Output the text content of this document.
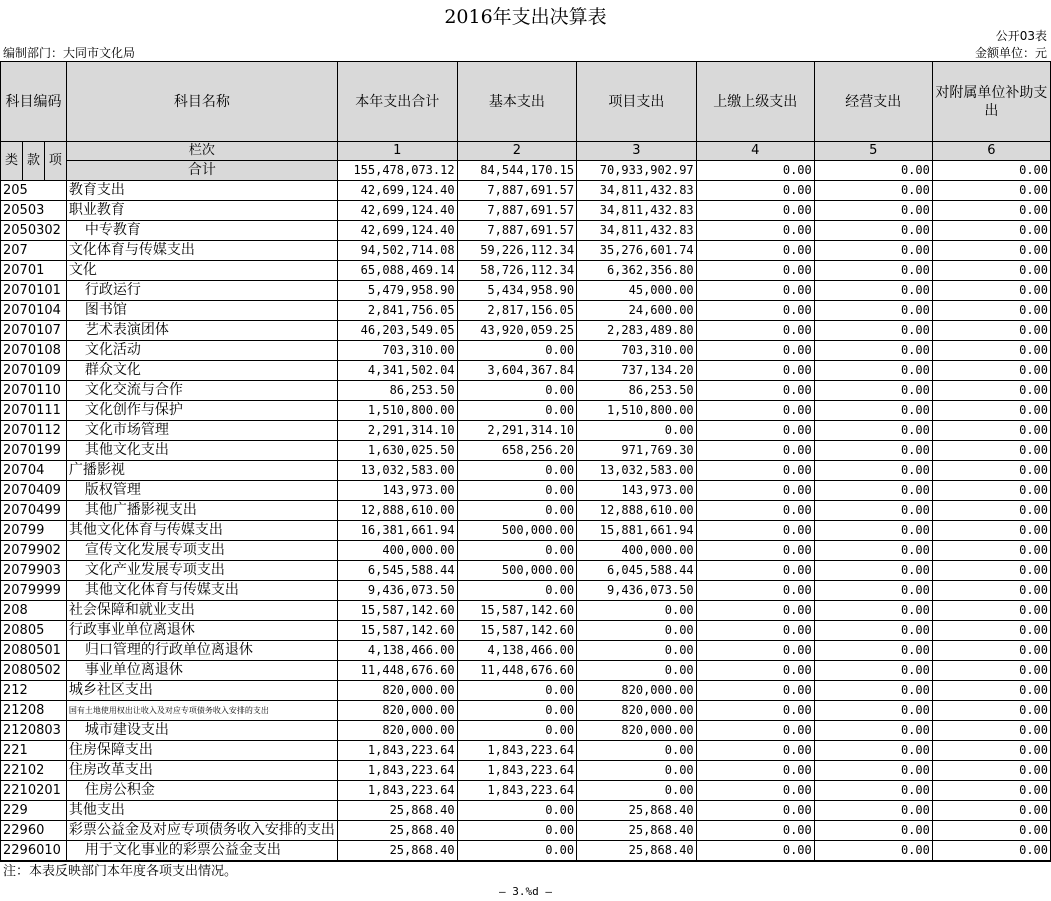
2016年支出决算表
公开03表
编制部门：大同市文化局	金额单位：元
科目编码			科目名称	本年支出合计	基本支出	项目支出	上缴上级支出	经营支出	对附属单位补助支出
类	款	项	栏次	1	2	3	4	5	6
			合计	155,478,073.12	84,544,170.15	70,933,902.97	0.00	0.00	0.00
205			教育支出	42,699,124.40	7,887,691.57	34,811,432.83	0.00	0.00	0.00
20503			职业教育	42,699,124.40	7,887,691.57	34,811,432.83	0.00	0.00	0.00
2050302			中专教育	42,699,124.40	7,887,691.57	34,811,432.83	0.00	0.00	0.00
207			文化体育与传媒支出	94,502,714.08	59,226,112.34	35,276,601.74	0.00	0.00	0.00
20701			文化	65,088,469.14	58,726,112.34	6,362,356.80	0.00	0.00	0.00
2070101			行政运行	5,479,958.90	5,434,958.90	45,000.00	0.00	0.00	0.00
2070104			图书馆	2,841,756.05	2,817,156.05	24,600.00	0.00	0.00	0.00
2070107			艺术表演团体	46,203,549.05	43,920,059.25	2,283,489.80	0.00	0.00	0.00
2070108			文化活动	703,310.00	0.00	703,310.00	0.00	0.00	0.00
2070109			群众文化	4,341,502.04	3,604,367.84	737,134.20	0.00	0.00	0.00
2070110			文化交流与合作	86,253.50	0.00	86,253.50	0.00	0.00	0.00
2070111			文化创作与保护	1,510,800.00	0.00	1,510,800.00	0.00	0.00	0.00
2070112			文化市场管理	2,291,314.10	2,291,314.10	0.00	0.00	0.00	0.00
2070199			其他文化支出	1,630,025.50	658,256.20	971,769.30	0.00	0.00	0.00
20704			广播影视	13,032,583.00	0.00	13,032,583.00	0.00	0.00	0.00
2070409			版权管理	143,973.00	0.00	143,973.00	0.00	0.00	0.00
2070499			其他广播影视支出	12,888,610.00	0.00	12,888,610.00	0.00	0.00	0.00
20799			其他文化体育与传媒支出	16,381,661.94	500,000.00	15,881,661.94	0.00	0.00	0.00
2079902			宣传文化发展专项支出	400,000.00	0.00	400,000.00	0.00	0.00	0.00
2079903			文化产业发展专项支出	6,545,588.44	500,000.00	6,045,588.44	0.00	0.00	0.00
2079999			其他文化体育与传媒支出	9,436,073.50	0.00	9,436,073.50	0.00	0.00	0.00
208			社会保障和就业支出	15,587,142.60	15,587,142.60	0.00	0.00	0.00	0.00
20805			行政事业单位离退休	15,587,142.60	15,587,142.60	0.00	0.00	0.00	0.00
2080501			归口管理的行政单位离退休	4,138,466.00	4,138,466.00	0.00	0.00	0.00	0.00
2080502			事业单位离退休	11,448,676.60	11,448,676.60	0.00	0.00	0.00	0.00
212			城乡社区支出	820,000.00	0.00	820,000.00	0.00	0.00	0.00
21208			国有土地使用权出让收入及对应专项债务收入安排的支出	820,000.00	0.00	820,000.00	0.00	0.00	0.00
2120803			城市建设支出	820,000.00	0.00	820,000.00	0.00	0.00	0.00
221			住房保障支出	1,843,223.64	1,843,223.64	0.00	0.00	0.00	0.00
22102			住房改革支出	1,843,223.64	1,843,223.64	0.00	0.00	0.00	0.00
2210201			住房公积金	1,843,223.64	1,843,223.64	0.00	0.00	0.00	0.00
229			其他支出	25,868.40	0.00	25,868.40	0.00	0.00	0.00
22960			彩票公益金及对应专项债务收入安排的支出	25,868.40	0.00	25,868.40	0.00	0.00	0.00
2296010			用于文化事业的彩票公益金支出	25,868.40	0.00	25,868.40	0.00	0.00	0.00
注：本表反映部门本年度各项支出情况。
— 3.%d —
